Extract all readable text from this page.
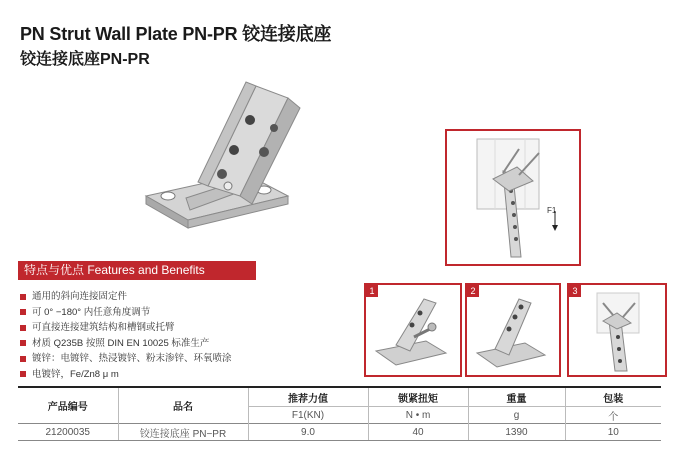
PN Strut Wall Plate PN-PR 铰连接底座
铰连接底座PN-PR
F1
1	2	3
特点与优点 Features and Benefits
通用的斜向连接固定件
可 0° −180° 内任意角度调节
可直接连接建筑结构和槽钢或托臂
材质 Q235B 按照 DIN EN 10025 标准生产
镀锌：电镀锌、热浸镀锌、粉末渗锌、环氧喷涂
电镀锌，Fe/Zn8 μ m
产品编号	品名	推荐力值	锁紧扭矩	重量	包装
		F1(KN)	N • m	g	个
21200035	铰连接底座 PN−PR	9.0	40	1390	10
